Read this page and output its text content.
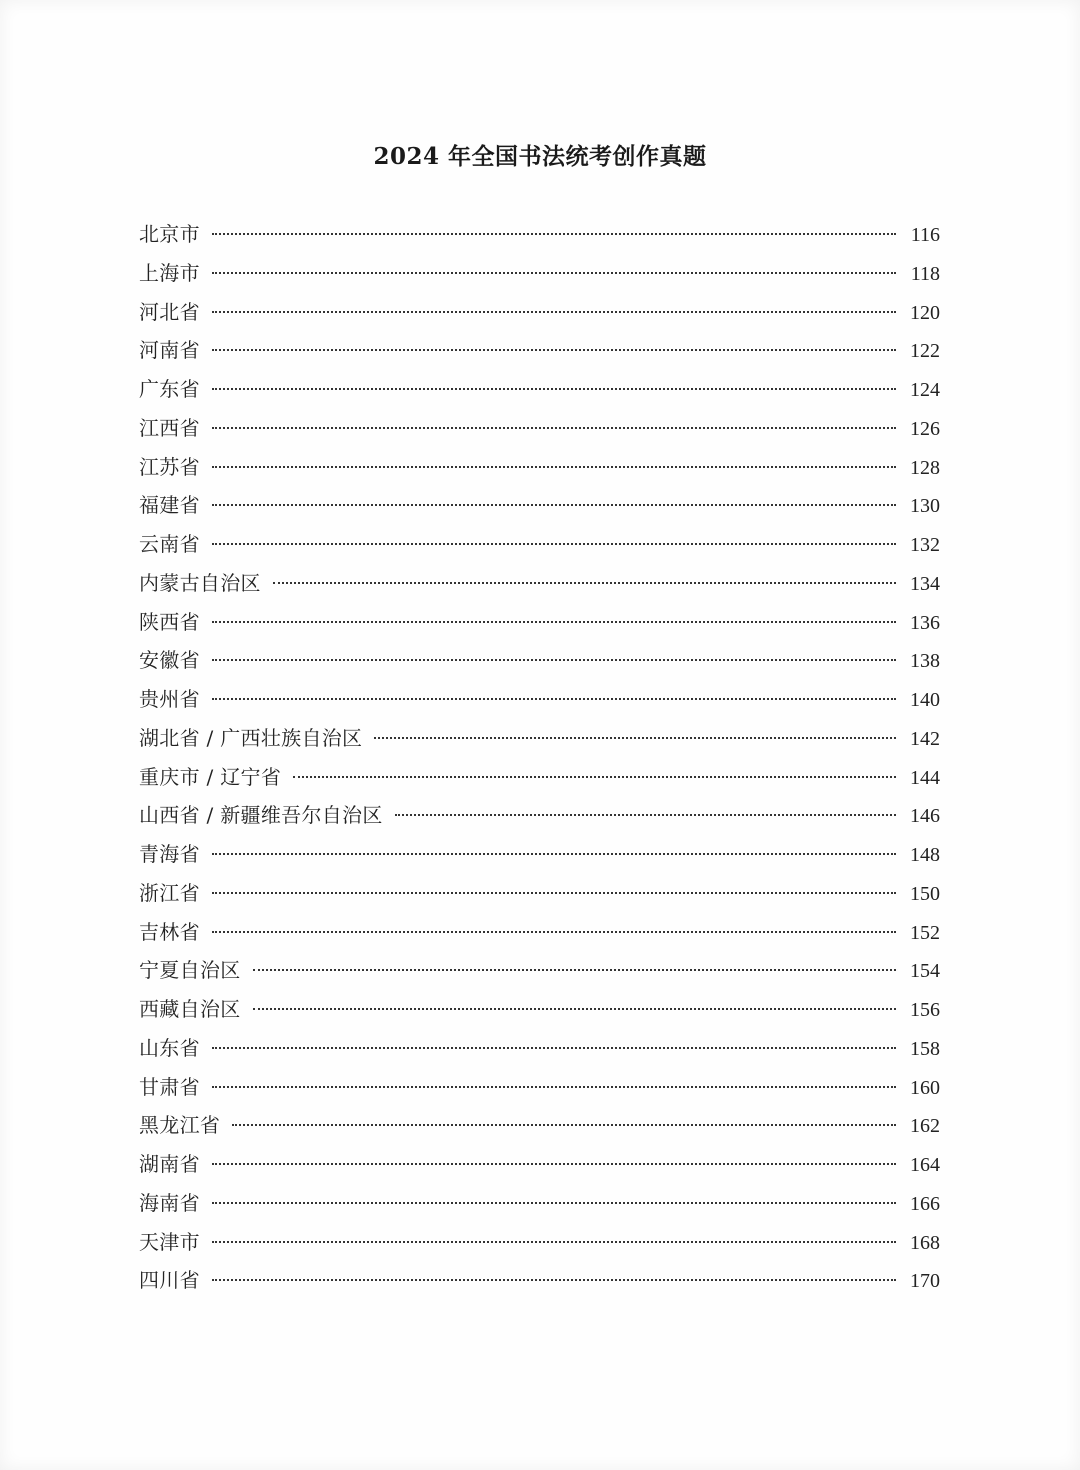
2024 年全国书法统考创作真题
北京市	116
上海市	118
河北省	120
河南省	122
广东省	124
江西省	126
江苏省	128
福建省	130
云南省	132
内蒙古自治区	134
陕西省	136
安徽省	138
贵州省	140
湖北省 / 广西壮族自治区	142
重庆市 / 辽宁省	144
山西省 / 新疆维吾尔自治区	146
青海省	148
浙江省	150
吉林省	152
宁夏自治区	154
西藏自治区	156
山东省	158
甘肃省	160
黑龙江省	162
湖南省	164
海南省	166
天津市	168
四川省	170
